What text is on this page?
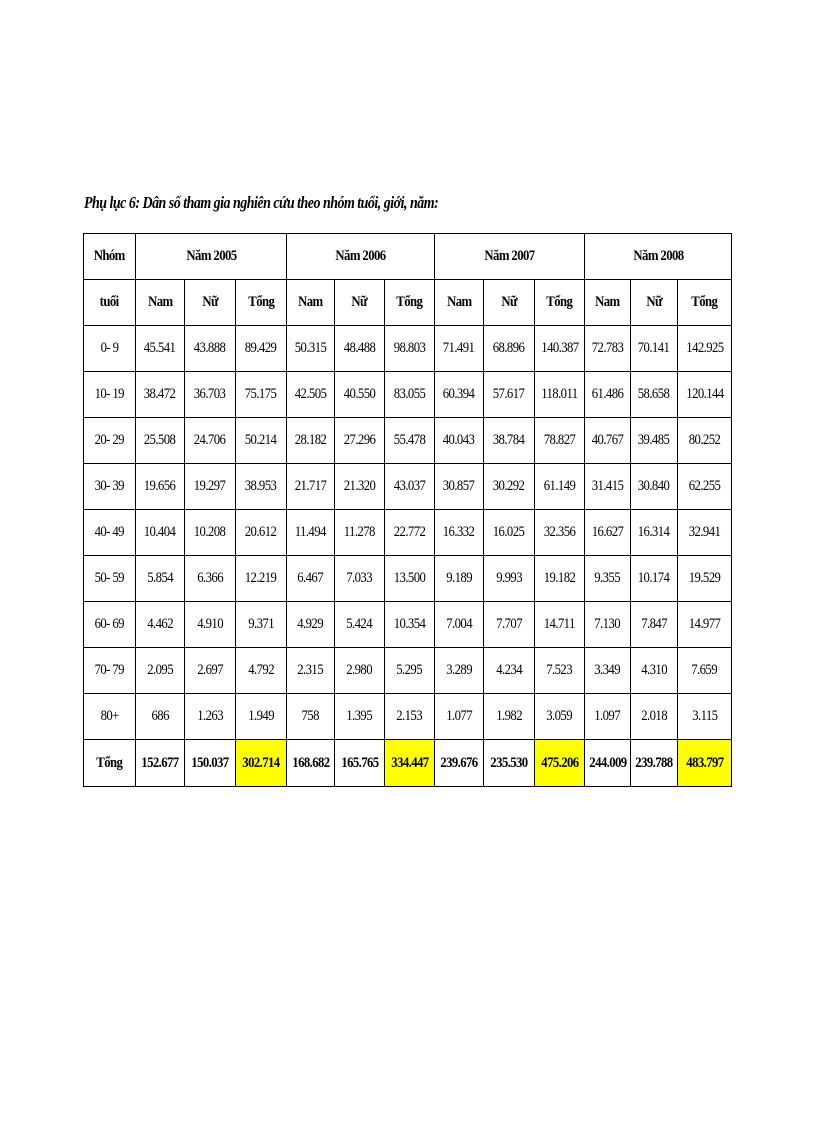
Phụ lục 6: Dân số tham gia nghiên cứu theo nhóm tuổi, giới, năm:
Nhóm	Năm 2005			Năm 2006			Năm 2007			Năm 2008		
tuổi	Nam	Nữ	Tổng	Nam	Nữ	Tổng	Nam	Nữ	Tổng	Nam	Nữ	Tổng
0- 9	45.541	43.888	89.429	50.315	48.488	98.803	71.491	68.896	140.387	72.783	70.141	142.925
10- 19	38.472	36.703	75.175	42.505	40.550	83.055	60.394	57.617	118.011	61.486	58.658	120.144
20- 29	25.508	24.706	50.214	28.182	27.296	55.478	40.043	38.784	78.827	40.767	39.485	80.252
30- 39	19.656	19.297	38.953	21.717	21.320	43.037	30.857	30.292	61.149	31.415	30.840	62.255
40- 49	10.404	10.208	20.612	11.494	11.278	22.772	16.332	16.025	32.356	16.627	16.314	32.941
50- 59	5.854	6.366	12.219	6.467	7.033	13.500	9.189	9.993	19.182	9.355	10.174	19.529
60- 69	4.462	4.910	9.371	4.929	5.424	10.354	7.004	7.707	14.711	7.130	7.847	14.977
70- 79	2.095	2.697	4.792	2.315	2.980	5.295	3.289	4.234	7.523	3.349	4.310	7.659
80+	686	1.263	1.949	758	1.395	2.153	1.077	1.982	3.059	1.097	2.018	3.115
Tổng	152.677	150.037	302.714	168.682	165.765	334.447	239.676	235.530	475.206	244.009	239.788	483.797
